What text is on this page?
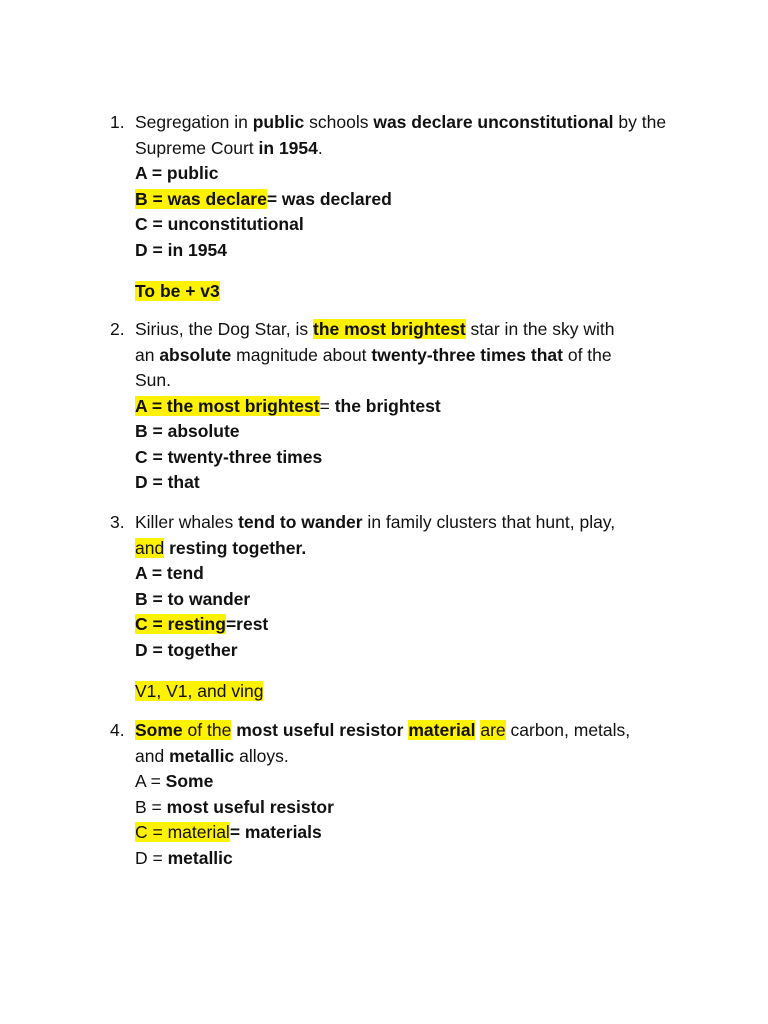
1. Segregation in public schools was declare unconstitutional by the
Supreme Court in 1954.
A = public
B = was declare= was declared
C = unconstitutional
D = in 1954
To be + v3
2. Sirius, the Dog Star, is the most brightest star in the sky with
an absolute magnitude about twenty-three times that of the
Sun.
A = the most brightest= the brightest
B = absolute
C = twenty-three times
D = that
3. Killer whales tend to wander in family clusters that hunt, play,
and resting together.
A = tend
B = to wander
C = resting=rest
D = together
V1, V1, and ving
4. Some of the most useful resistor material are carbon, metals,
and metallic alloys.
A = Some
B = most useful resistor
C = material= materials
D = metallic
